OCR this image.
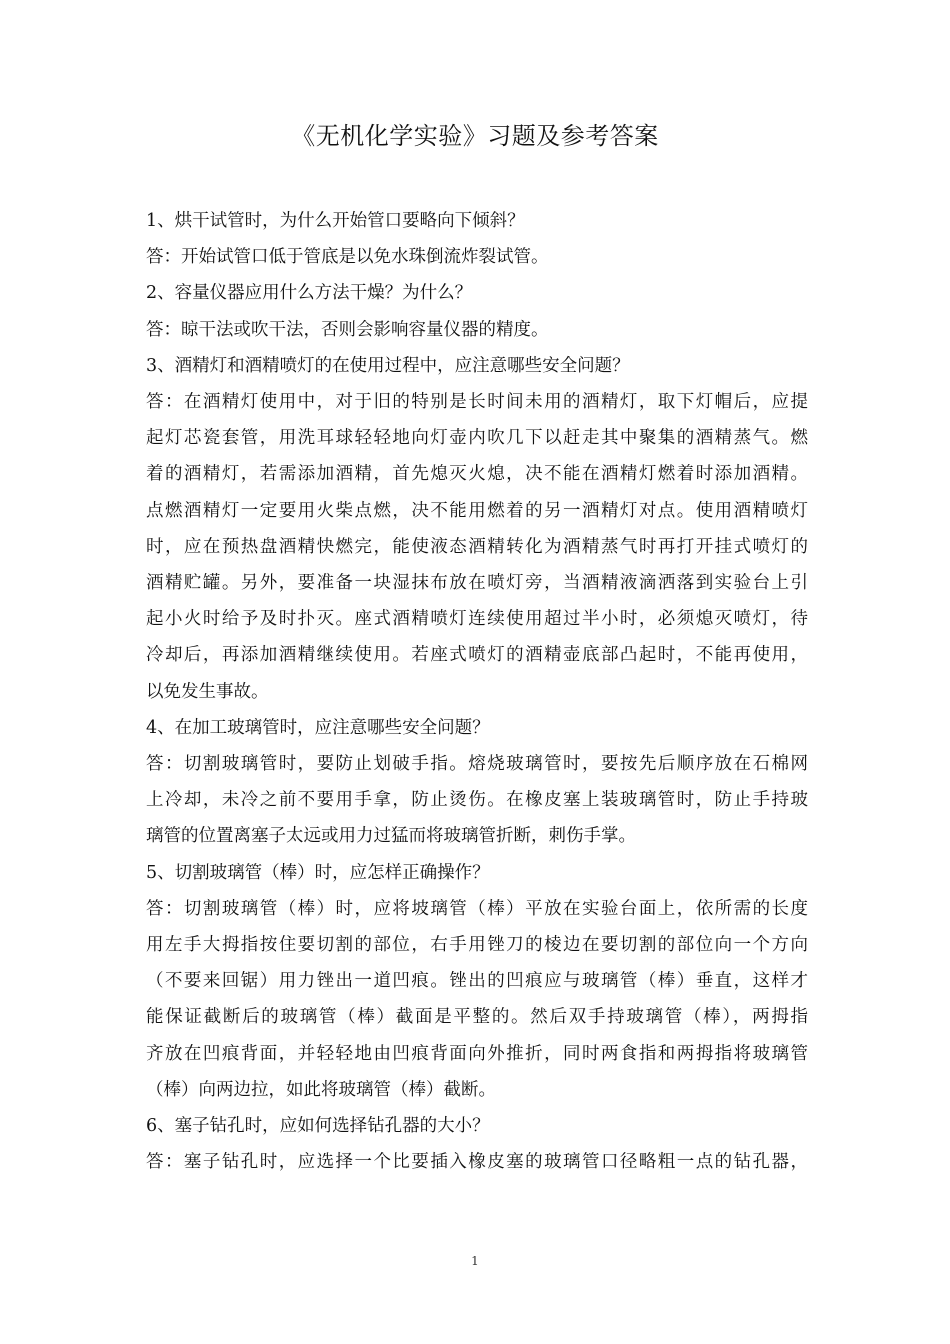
《无机化学实验》习题及参考答案
1、烘干试管时，为什么开始管口要略向下倾斜？
答：开始试管口低于管底是以免水珠倒流炸裂试管。
2、容量仪器应用什么方法干燥？为什么？
答：晾干法或吹干法，否则会影响容量仪器的精度。
3、酒精灯和酒精喷灯的在使用过程中，应注意哪些安全问题？
答：在酒精灯使用中，对于旧的特别是长时间未用的酒精灯，取下灯帽后，应提
起灯芯瓷套管，用洗耳球轻轻地向灯壶内吹几下以赶走其中聚集的酒精蒸气。燃
着的酒精灯，若需添加酒精，首先熄灭火熄，决不能在酒精灯燃着时添加酒精。
点燃酒精灯一定要用火柴点燃，决不能用燃着的另一酒精灯对点。使用酒精喷灯
时，应在预热盘酒精快燃完，能使液态酒精转化为酒精蒸气时再打开挂式喷灯的
酒精贮罐。另外，要准备一块湿抹布放在喷灯旁，当酒精液滴洒落到实验台上引
起小火时给予及时扑灭。座式酒精喷灯连续使用超过半小时，必须熄灭喷灯，待
冷却后，再添加酒精继续使用。若座式喷灯的酒精壶底部凸起时，不能再使用，
以免发生事故。
4、在加工玻璃管时，应注意哪些安全问题？
答：切割玻璃管时，要防止划破手指。熔烧玻璃管时，要按先后顺序放在石棉网
上冷却，未冷之前不要用手拿，防止烫伤。在橡皮塞上装玻璃管时，防止手持玻
璃管的位置离塞子太远或用力过猛而将玻璃管折断，刺伤手掌。
5、切割玻璃管（棒）时，应怎样正确操作？
答：切割玻璃管（棒）时，应将坡璃管（棒）平放在实验台面上，依所需的长度
用左手大拇指按住要切割的部位，右手用锉刀的棱边在要切割的部位向一个方向
（不要来回锯）用力锉出一道凹痕。锉出的凹痕应与玻璃管（棒）垂直，这样才
能保证截断后的玻璃管（棒）截面是平整的。然后双手持玻璃管（棒），两拇指
齐放在凹痕背面，并轻轻地由凹痕背面向外推折，同时两食指和两拇指将玻璃管
（棒）向两边拉，如此将玻璃管（棒）截断。
6、塞子钻孔时，应如何选择钻孔器的大小？
答：塞子钻孔时，应选择一个比要插入橡皮塞的玻璃管口径略粗一点的钻孔器，
1
